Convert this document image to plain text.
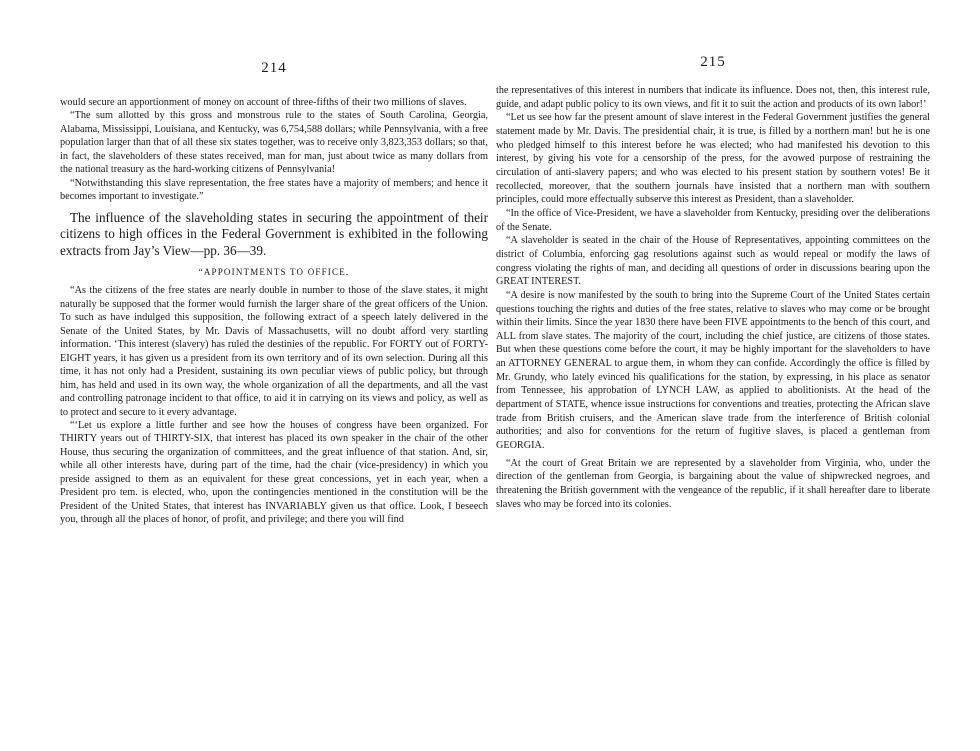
214

would secure an apportionment of money on account of three-fifths of their two millions of slaves.

“The sum allotted by this gross and monstrous rule to the states of South Carolina, Georgia, Alabama, Mississippi, Louisiana, and Kentucky, was 6,754,588 dollars; while Pennsylvania, with a free population larger than that of all these six states together, was to receive only 3,823,353 dollars; so that, in fact, the slaveholders of these states received, man for man, just about twice as many dollars from the national treasury as the hard-working citizens of Pennsylvania!

“Notwithstanding this slave representation, the free states have a majority of members; and hence it becomes important to investigate.”

The influence of the slaveholding states in securing the appointment of their citizens to high offices in the Federal Government is exhibited in the following extracts from Jay’s View—pp. 36—39.

“APPOINTMENTS TO OFFICE.

“As the citizens of the free states are nearly double in number to those of the slave states, it might naturally be supposed that the former would furnish the larger share of the great officers of the Union. To such as have indulged this supposition, the following extract of a speech lately delivered in the Senate of the United States, by Mr. Davis of Massachusetts, will no doubt afford very startling information. ‘This interest (slavery) has ruled the destinies of the republic. For FORTY out of FORTY-EIGHT years, it has given us a president from its own territory and of its own selection. During all this time, it has not only had a President, sustaining its own peculiar views of public policy, but through him, has held and used in its own way, the whole organization of all the departments, and all the vast and controlling patronage incident to that office, to aid it in carrying on its views and policy, as well as to protect and secure to it every advantage.

“‘Let us explore a little further and see how the houses of congress have been organized. For THIRTY years out of THIRTY-SIX, that interest has placed its own speaker in the chair of the other House, thus securing the organization of committees, and the great influence of that station. And, sir, while all other interests have, during part of the time, had the chair (vice-presidency) in which you preside assigned to them as an equivalent for these great concessions, yet in each year, when a President pro tem. is elected, who, upon the contingencies mentioned in the constitution will be the President of the United States, that interest has INVARIABLY given us that office. Look, I beseech you, through all the places of honor, of profit, and privilege; and there you will find

215

the representatives of this interest in numbers that indicate its influence. Does not, then, this interest rule, guide, and adapt public policy to its own views, and fit it to suit the action and products of its own labor!’

“Let us see how far the present amount of slave interest in the Federal Government justifies the general statement made by Mr. Davis. The presidential chair, it is true, is filled by a northern man! but he is one who pledged himself to this interest before he was elected; who had manifested his devotion to this interest, by giving his vote for a censorship of the press, for the avowed purpose of restraining the circulation of anti-slavery papers; and who was elected to his present station by southern votes! Be it recollected, moreover, that the southern journals have insisted that a northern man with southern principles, could more effectually subserve this interest as President, than a slaveholder.

“In the office of Vice-President, we have a slaveholder from Kentucky, presiding over the deliberations of the Senate.

“A slaveholder is seated in the chair of the House of Representatives, appointing committees on the district of Columbia, enforcing gag resolutions against such as would repeal or modify the laws of congress violating the rights of man, and deciding all questions of order in discussions bearing upon the GREAT INTEREST.

“A desire is now manifested by the south to bring into the Supreme Court of the United States certain questions touching the rights and duties of the free states, relative to slaves who may come or be brought within their limits. Since the year 1830 there have been FIVE appointments to the bench of this court, and ALL from slave states. The majority of the court, including the chief justice, are citizens of those states. But when these questions come before the court, it may be highly important for the slaveholders to have an ATTORNEY GENERAL to argue them, in whom they can confide. Accordingly the office is filled by Mr. Grundy, who lately evinced his qualifications for the station, by expressing, in his place as senator from Tennessee, his approbation of LYNCH LAW, as applied to abolitionists. At the head of the department of STATE, whence issue instructions for conventions and treaties, protecting the African slave trade from British cruisers, and the American slave trade from the interference of British colonial authorities; and also for conventions for the return of fugitive slaves, is placed a gentleman from GEORGIA.

“At the court of Great Britain we are represented by a slaveholder from Virginia, who, under the direction of the gentleman from Georgia, is bargaining about the value of shipwrecked negroes, and threatening the British government with the vengeance of the republic, if it shall hereafter dare to liberate slaves who may be forced into its colonies.
